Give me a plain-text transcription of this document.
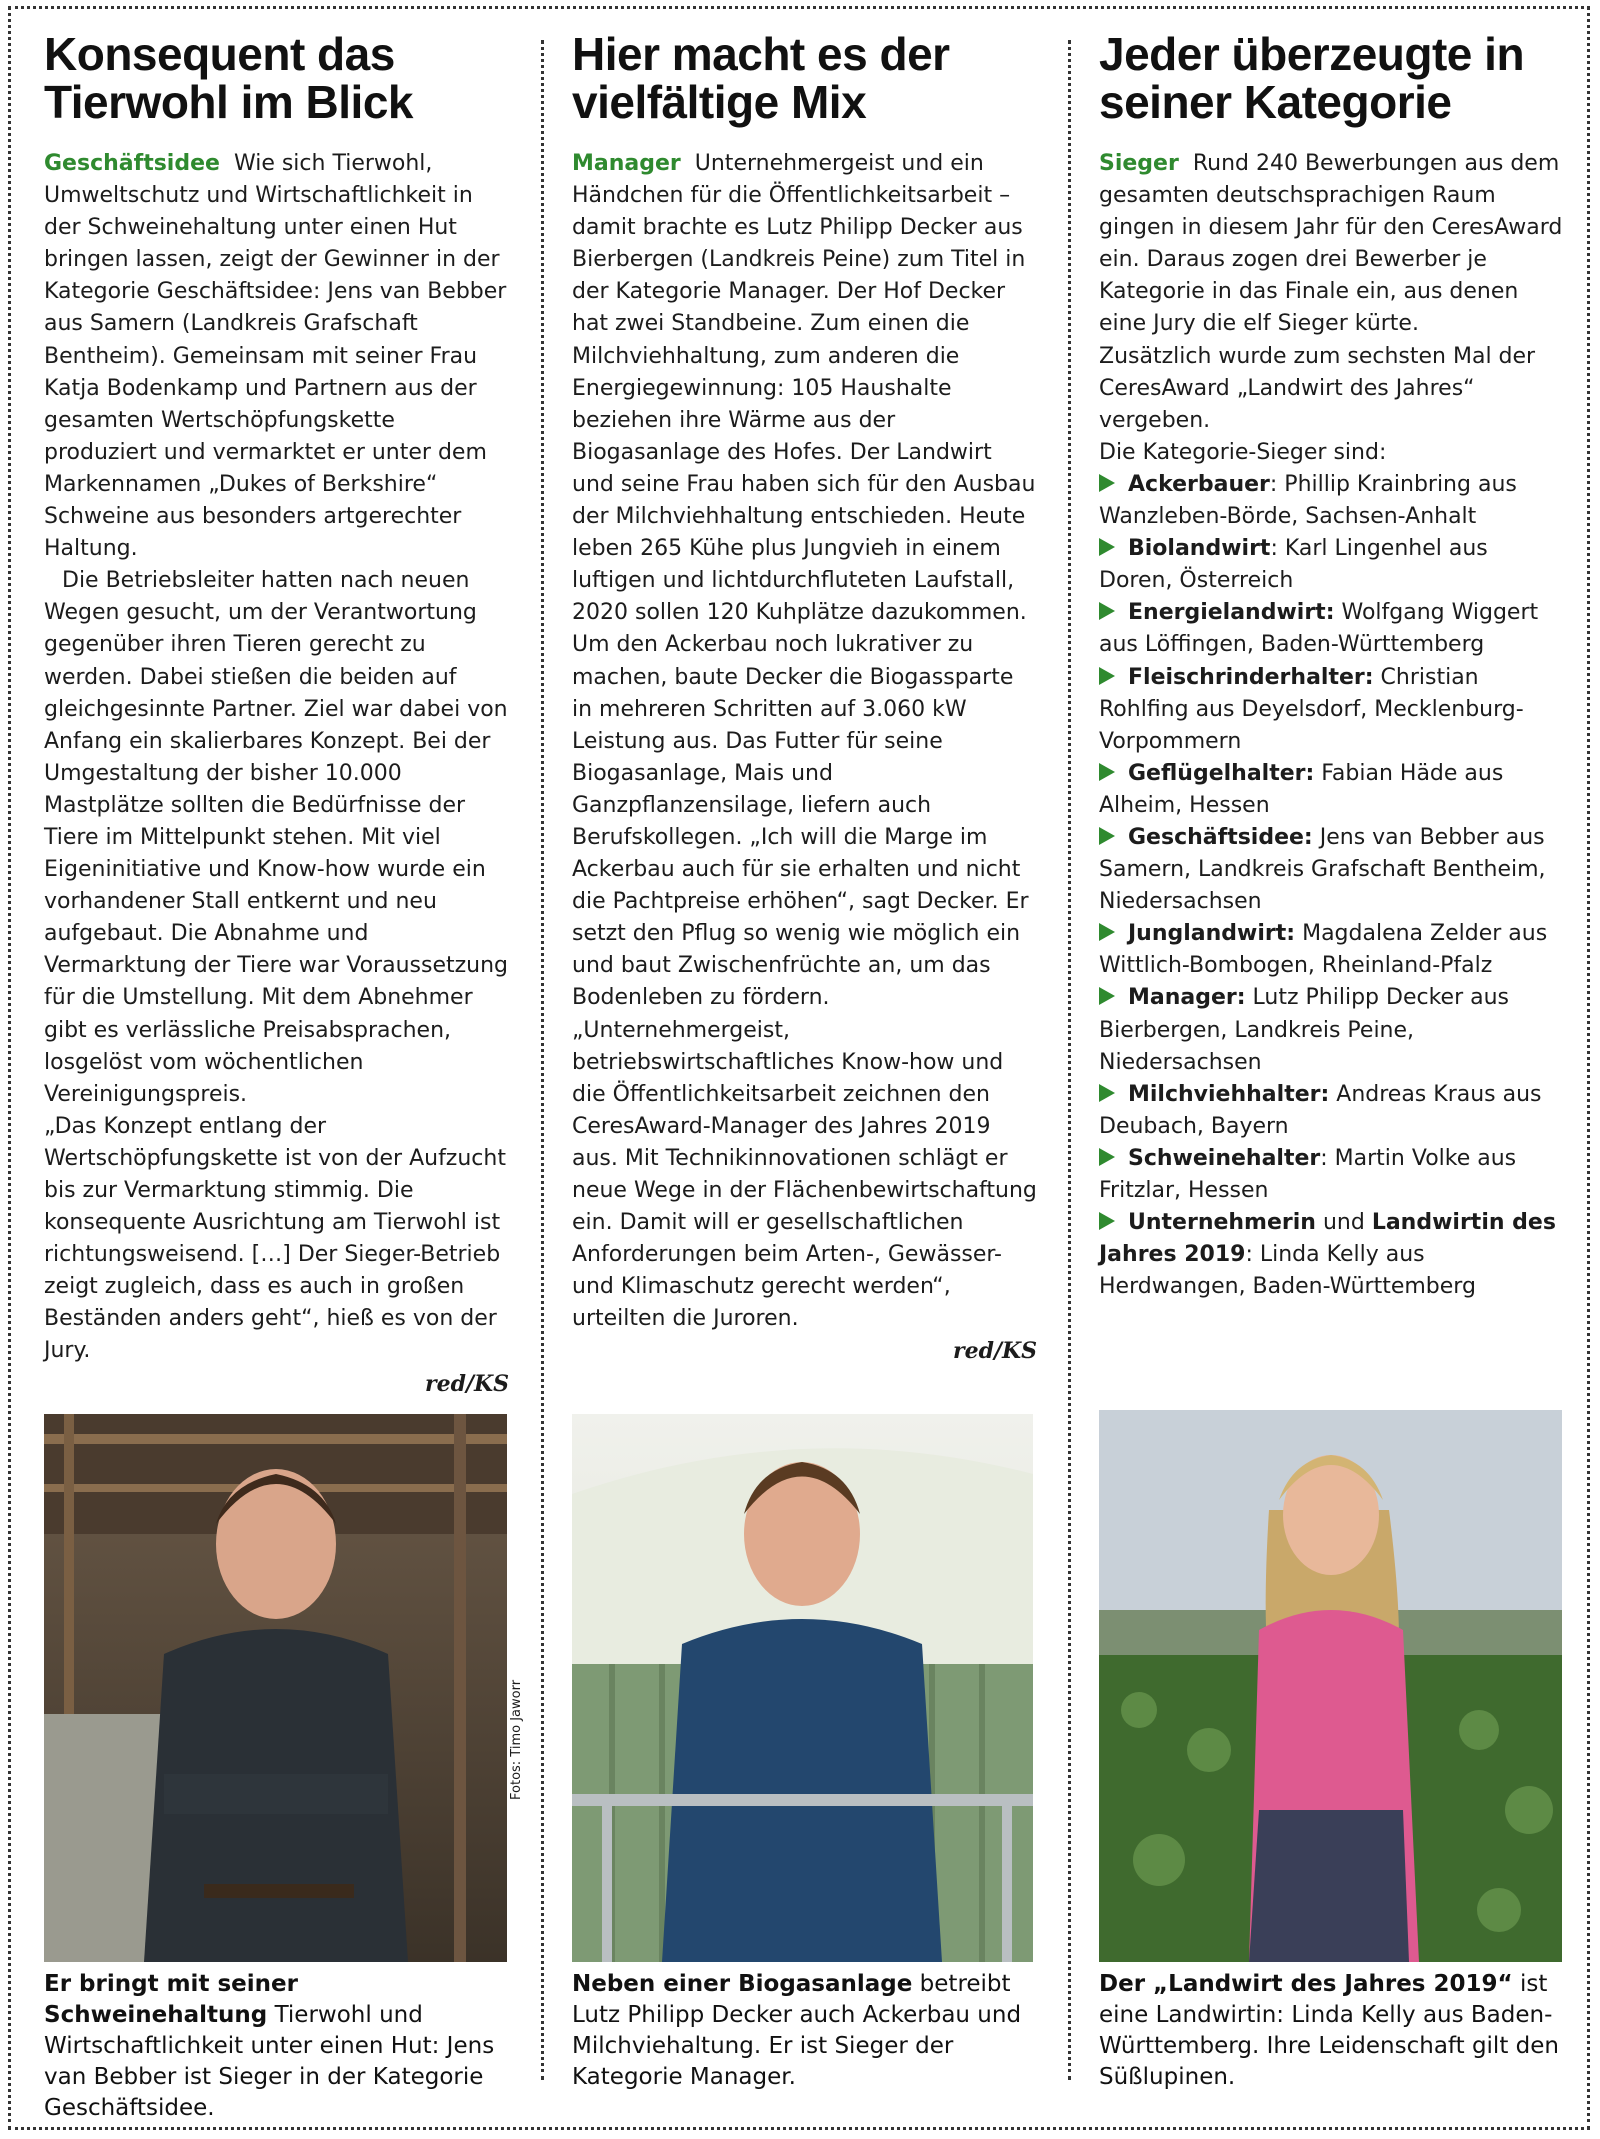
Konsequent das Tierwohl im Blick

Geschäftsidee Wie sich Tierwohl, Umweltschutz und Wirtschaftlichkeit in der Schweinehaltung unter einen Hut bringen lassen, zeigt der Gewinner in der Kategorie Geschäftsidee: Jens van Bebber aus Samern (Landkreis Grafschaft Bentheim). Gemeinsam mit seiner Frau Katja Bodenkamp und Partnern aus der gesamten Wertschöpfungskette produziert und vermarktet er unter dem Markennamen „Dukes of Berkshire“ Schweine aus besonders artgerechter Haltung.

Die Betriebsleiter hatten nach neuen Wegen gesucht, um der Verantwortung gegenüber ihren Tieren gerecht zu werden. Dabei stießen die beiden auf gleichgesinnte Partner. Ziel war dabei von Anfang ein skalierbares Konzept. Bei der Umgestaltung der bisher 10.000 Mastplätze sollten die Bedürfnisse der Tiere im Mittelpunkt stehen. Mit viel Eigeninitiative und Know-how wurde ein vorhandener Stall entkernt und neu aufgebaut. Die Abnahme und Vermarktung der Tiere war Voraussetzung für die Umstellung. Mit dem Abnehmer gibt es verlässliche Preisabsprachen, losgelöst vom wöchentlichen Vereinigungspreis.

„Das Konzept entlang der Wertschöpfungskette ist von der Aufzucht bis zur Vermarktung stimmig. Die konsequente Ausrichtung am Tierwohl ist richtungsweisend. […] Der Sieger-Betrieb zeigt zugleich, dass es auch in großen Beständen anders geht“, hieß es von der Jury.

red/KS
Hier macht es der vielfältige Mix

Manager Unternehmergeist und ein Händchen für die Öffentlichkeitsarbeit – damit brachte es Lutz Philipp Decker aus Bierbergen (Landkreis Peine) zum Titel in der Kategorie Manager. Der Hof Decker hat zwei Standbeine. Zum einen die Milchviehhaltung, zum anderen die Energiegewinnung: 105 Haushalte beziehen ihre Wärme aus der Biogasanlage des Hofes. Der Landwirt und seine Frau haben sich für den Ausbau der Milchviehhaltung entschieden. Heute leben 265 Kühe plus Jungvieh in einem luftigen und lichtdurchfluteten Laufstall, 2020 sollen 120 Kuhplätze dazukommen. Um den Ackerbau noch lukrativer zu machen, baute Decker die Biogassparte in mehreren Schritten auf 3.060 kW Leistung aus. Das Futter für seine Biogasanlage, Mais und Ganzpflanzensilage, liefern auch Berufskollegen. „Ich will die Marge im Ackerbau auch für sie erhalten und nicht die Pachtpreise erhöhen“, sagt Decker. Er setzt den Pflug so wenig wie möglich ein und baut Zwischenfrüchte an, um das Bodenleben zu fördern.

„Unternehmergeist, betriebswirtschaftliches Know-how und die Öffentlichkeitsarbeit zeichnen den CeresAward-Manager des Jahres 2019 aus. Mit Technikinnovationen schlägt er neue Wege in der Flächenbewirtschaftung ein. Damit will er gesellschaftlichen Anforderungen beim Arten-, Gewässer- und Klimaschutz gerecht werden“, urteilten die Juroren.

red/KS
Jeder überzeugte in seiner Kategorie

Sieger Rund 240 Bewerbungen aus dem gesamten deutschsprachigen Raum gingen in diesem Jahr für den CeresAward ein. Daraus zogen drei Bewerber je Kategorie in das Finale ein, aus denen eine Jury die elf Sieger kürte.

Zusätzlich wurde zum sechsten Mal der CeresAward „Landwirt des Jahres“ vergeben.

Die Kategorie-Sieger sind:

Ackerbauer: Phillip Krainbring aus Wanzleben-Börde, Sachsen-Anhalt

Biolandwirt: Karl Lingenhel aus Doren, Österreich

Energielandwirt: Wolfgang Wiggert aus Löffingen, Baden-Württemberg

Fleischrinderhalter: Christian Rohlfing aus Deyelsdorf, Mecklenburg-Vorpommern

Geflügelhalter: Fabian Häde aus Alheim, Hessen

Geschäftsidee: Jens van Bebber aus Samern, Landkreis Grafschaft Bentheim, Niedersachsen

Junglandwirt: Magdalena Zelder aus Wittlich-Bombogen, Rheinland-Pfalz

Manager: Lutz Philipp Decker aus Bierbergen, Landkreis Peine, Niedersachsen

Milchviehhalter: Andreas Kraus aus Deubach, Bayern

Schweinehalter: Martin Volke aus Fritzlar, Hessen

Unternehmerin und Landwirtin des Jahres 2019: Linda Kelly aus Herdwangen, Baden-Württemberg

Fotos: Timo Jaworr
Er bringt mit seiner Schweinehaltung Tierwohl und Wirtschaftlichkeit unter einen Hut: Jens van Bebber ist Sieger in der Kategorie Geschäftsidee.
Neben einer Biogasanlage betreibt Lutz Philipp Decker auch Ackerbau und Milchviehaltung. Er ist Sieger der Kategorie Manager.
Der „Landwirt des Jahres 2019“ ist eine Landwirtin: Linda Kelly aus Baden-Württemberg. Ihre Leidenschaft gilt den Süßlupinen.
